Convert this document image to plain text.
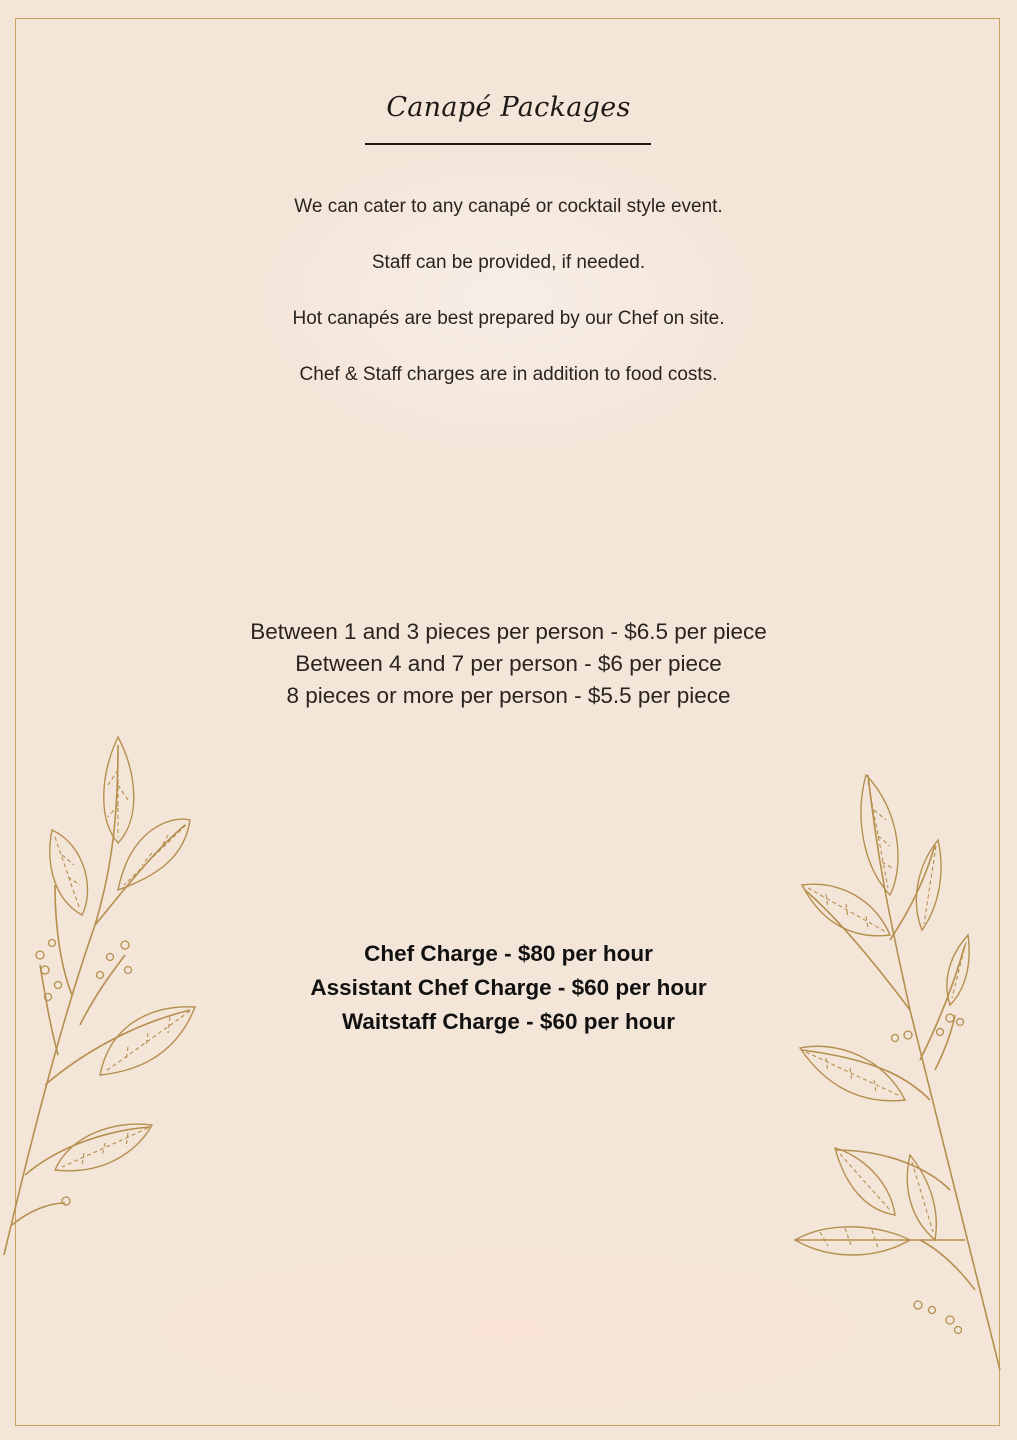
Canapé Packages
We can cater to any canapé or cocktail style event.
Staff can be provided, if needed.
Hot canapés are best prepared by our Chef on site.
Chef & Staff charges are in addition to food costs.
Between 1 and 3 pieces per person - $6.5 per piece
Between 4 and 7 per person - $6 per piece
8 pieces or more per person - $5.5 per piece
Chef Charge - $80 per hour
Assistant Chef Charge - $60 per hour
Waitstaff Charge - $60 per hour
